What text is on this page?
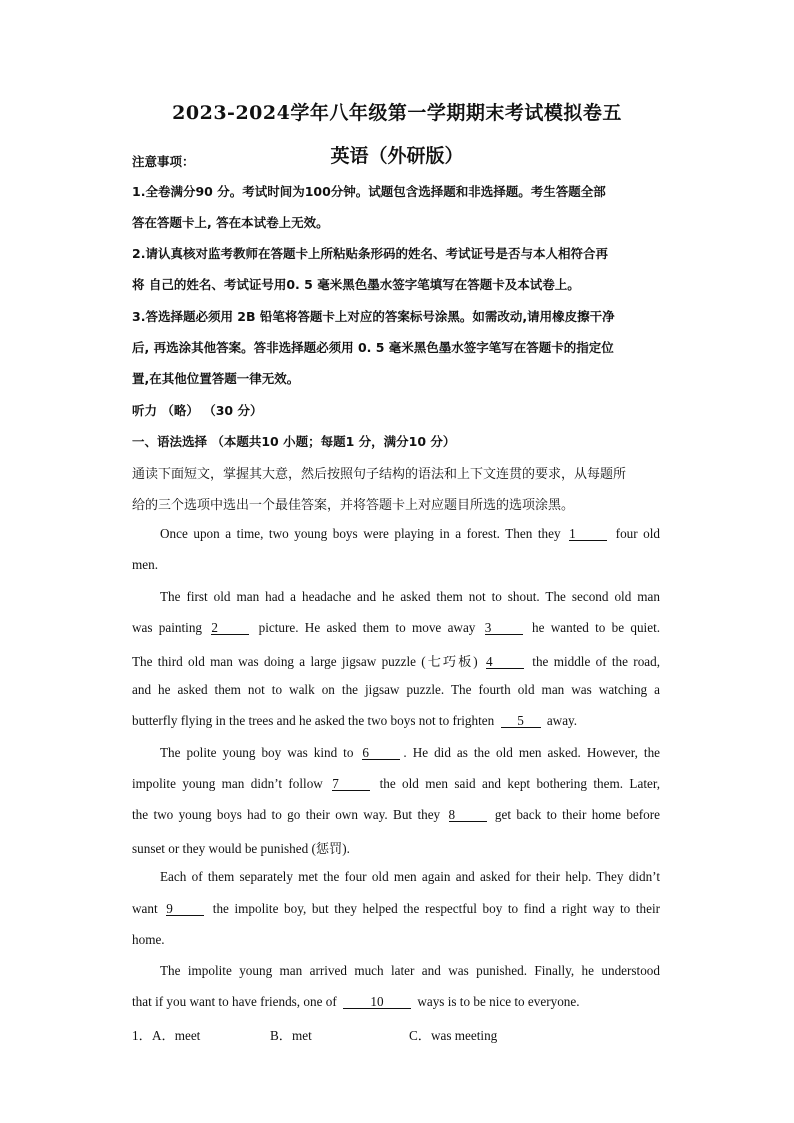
2023-2024学年八年级第一学期期末考试模拟卷五
英语（外研版）
注意事项：
1.全卷满分90 分。考试时间为100分钟。试题包含选择题和非选择题。考生答题全部
答在答题卡上, 答在本试卷上无效。
2.请认真核对监考教师在答题卡上所粘贴条形码的姓名、考试证号是否与本人相符合再
将 自己的姓名、考试证号用0. 5 毫米黑色墨水签字笔填写在答题卡及本试卷上。
3.答选择题必须用 2B 铅笔将答题卡上对应的答案标号涂黑。如需改动,请用橡皮擦干净
后, 再选涂其他答案。答非选择题必须用 0. 5 毫米黑色墨水签字笔写在答题卡的指定位
置,在其他位置答题一律无效。
听力 （略） （30 分）
一、语法选择 （本题共10 小题；每题1 分，满分10 分）
通读下面短文，掌握其大意，然后按照句子结构的语法和上下文连贯的要求，从每题所
给的三个选项中选出一个最佳答案，并将答题卡上对应题目所选的选项涂黑。
Once upon a time, two young boys were playing in a forest. Then they 1	four old
men.
The first old man had a headache and he asked them not to shout. The second old man
was painting 2	picture. He asked them to move away 3	he wanted to be quiet.
The third old man was doing a large jigsaw puzzle (七巧板) 4	the middle of the road,
and he asked them not to walk on the jigsaw puzzle. The fourth old man was watching a
butterfly flying in the trees and he asked the two boys not to frighten 5 away.
The polite young boy was kind to 6	. He did as the old men asked. However, the
impolite young man didn’t follow 7	the old men said and kept bothering them. Later,
the two young boys had to go their own way. But they 8	get back to their home before
sunset or they would be punished (惩罚).
Each of them separately met the four old men again and asked for their help. They didn’t
want 9	the impolite boy, but they helped the respectful boy to find a right way to their
home.
The impolite young man arrived much later and was punished. Finally, he understood
that if you want to have friends, one of	10	ways is to be nice to everyone.
1． A．meet	B．met	C．was meeting
